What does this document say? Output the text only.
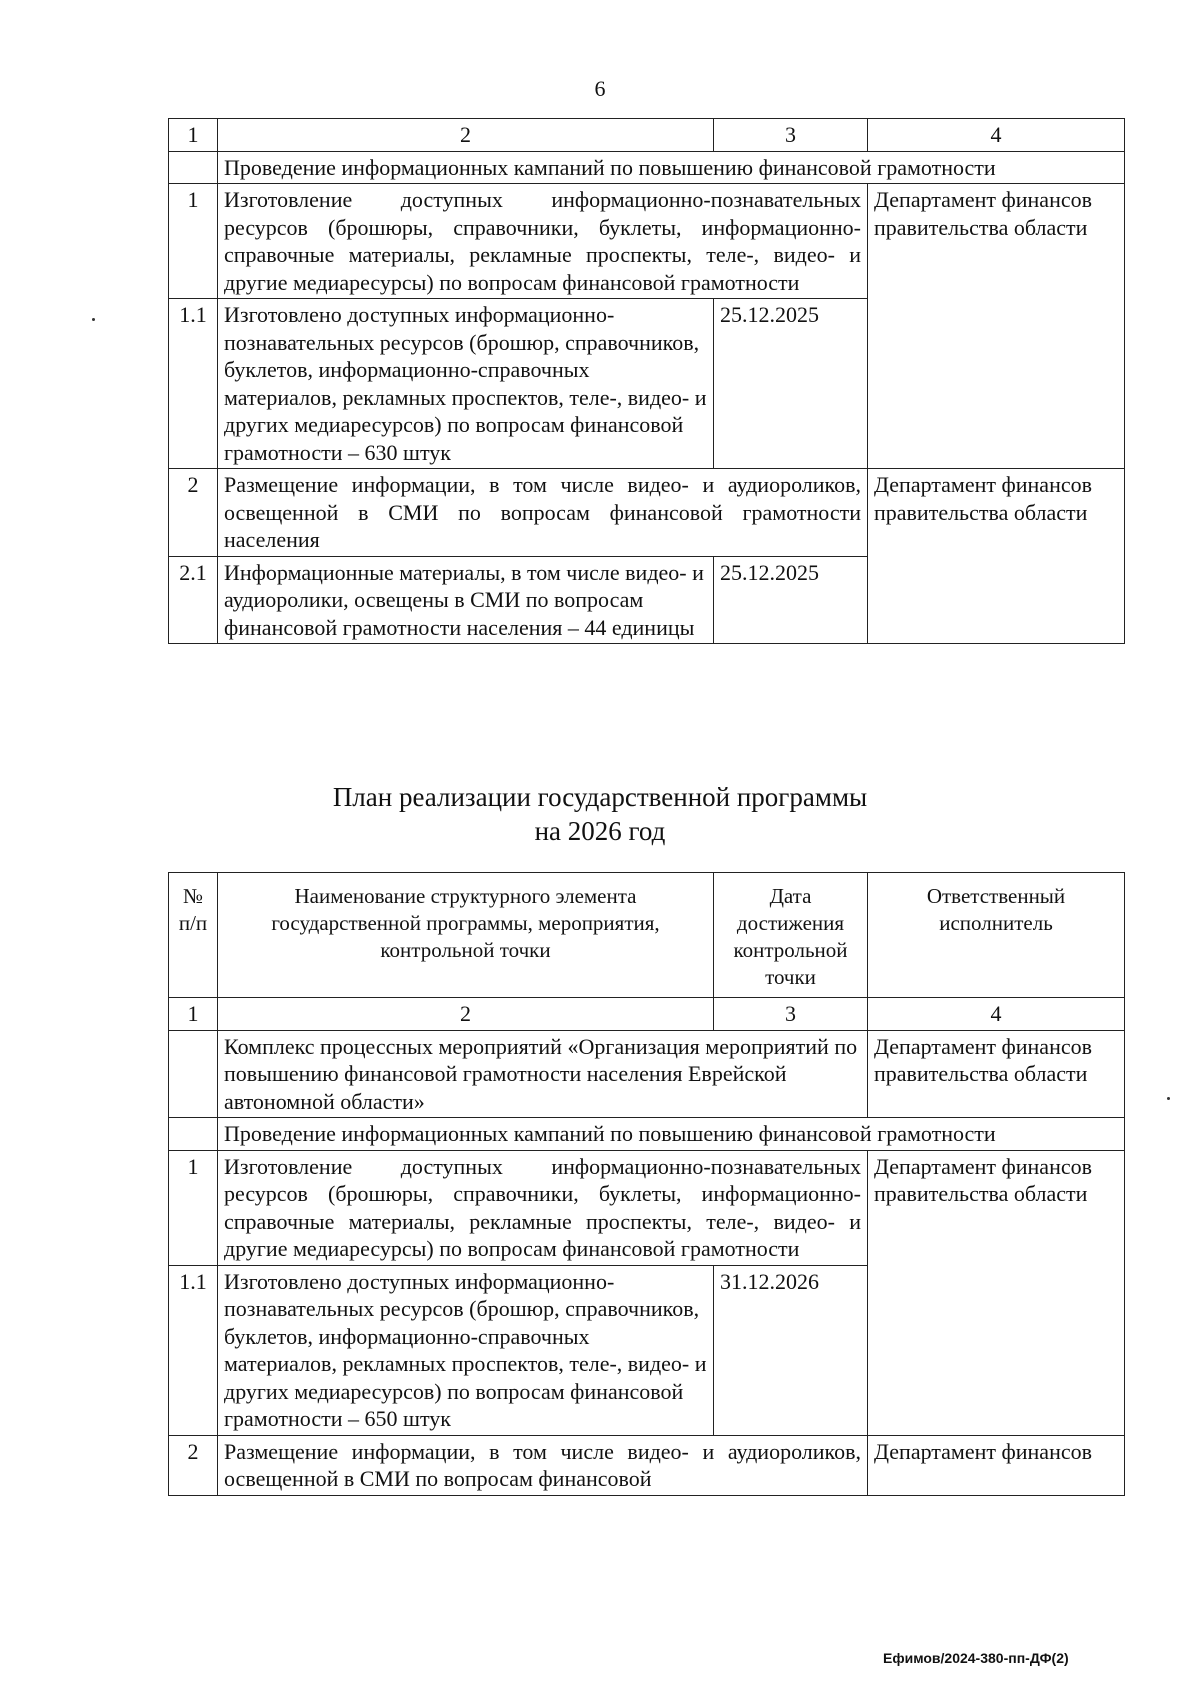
6
1	2	3	4
	Проведение информационных кампаний по повышению финансовой грамотности		
1	Изготовление доступных информационно-познавательных ресурсов (брошюры, справочники, буклеты, информационно-справочные материалы, рекламные проспекты, теле-, видео- и другие медиаресурсы) по вопросам финансовой грамотности		Департамент финансов правительства области
1.1	Изготовлено доступных информационно-познавательных ресурсов (брошюр, справочников, буклетов, информационно-справочных материалов, рекламных проспектов, теле-, видео- и других медиаресурсов) по вопросам финансовой грамотности – 630 штук	25.12.2025	
2	Размещение информации, в том числе видео- и аудиороликов, освещенной в СМИ по вопросам финансовой грамотности населения		Департамент финансов правительства области
2.1	Информационные материалы, в том числе видео- и аудиоролики, освещены в СМИ по вопросам финансовой грамотности населения – 44 единицы	25.12.2025	
План реализации государственной программы
на 2026 год
№ п/п	Наименование структурного элемента государственной программы, мероприятия, контрольной точки	Дата достижения контрольной точки	Ответственный исполнитель
1	2	3	4
	Комплекс процессных мероприятий «Организация мероприятий по повышению финансовой грамотности населения Еврейской автономной области»		Департамент финансов правительства области
	Проведение информационных кампаний по повышению финансовой грамотности		
1	Изготовление доступных информационно-познавательных ресурсов (брошюры, справочники, буклеты, информационно-справочные материалы, рекламные проспекты, теле-, видео- и другие медиаресурсы) по вопросам финансовой грамотности		Департамент финансов правительства области
1.1	Изготовлено доступных информационно-познавательных ресурсов (брошюр, справочников, буклетов, информационно-справочных материалов, рекламных проспектов, теле-, видео- и других медиаресурсов) по вопросам финансовой грамотности – 650 штук	31.12.2026	
2	Размещение информации, в том числе видео- и аудиороликов, освещенной в СМИ по вопросам финансовой		Департамент финансов
Ефимов/2024-380-пп-ДФ(2)
